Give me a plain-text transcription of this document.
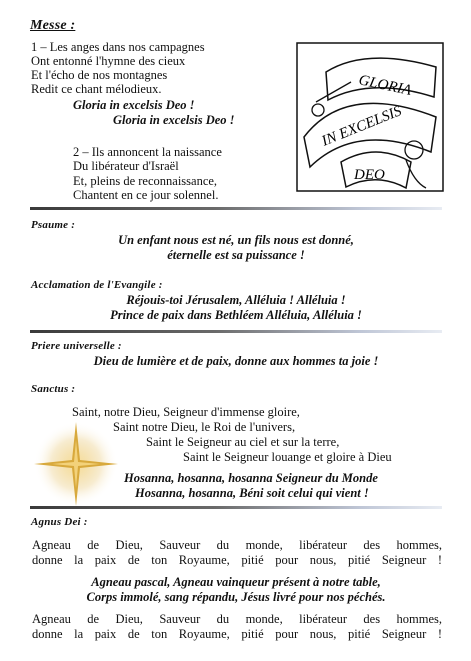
Messe :
1 – Les anges dans nos campagnes
Ont entonné l'hymne des cieux
Et l'écho de nos montagnes
Redit ce chant mélodieux.
Gloria in excelsis Deo !
Gloria in excelsis Deo !
2 – Ils annoncent la naissance
Du libérateur d'Israël
Et, pleins de reconnaissance,
Chantent en ce jour solennel.
GLORIA
IN EXCELSIS
DEO
Psaume :
Un enfant nous est né, un fils nous est donné,
éternelle est sa puissance !
Acclamation de l'Evangile :
Réjouis-toi Jérusalem, Alléluia ! Alléluia !
Prince de paix dans Bethléem Alléluia, Alléluia !
Priere universelle :
Dieu de lumière et de paix, donne aux hommes ta joie !
Sanctus :
Saint, notre Dieu, Seigneur d'immense gloire,
Saint notre Dieu, le Roi de l'univers,
Saint le Seigneur au ciel et sur la terre,
Saint le Seigneur louange et gloire à Dieu
Hosanna, hosanna, hosanna Seigneur du Monde
Hosanna, hosanna, Béni soit celui qui vient !
Agnus Dei :
Agneau de Dieu, Sauveur du monde, libérateur des hommes,
donne la paix de ton Royaume, pitié pour nous, pitié Seigneur !
Agneau pascal, Agneau vainqueur présent à notre table,
Corps immolé, sang répandu, Jésus livré pour nos péchés.
Agneau de Dieu, Sauveur du monde, libérateur des hommes,
donne la paix de ton Royaume, pitié pour nous, pitié Seigneur !
